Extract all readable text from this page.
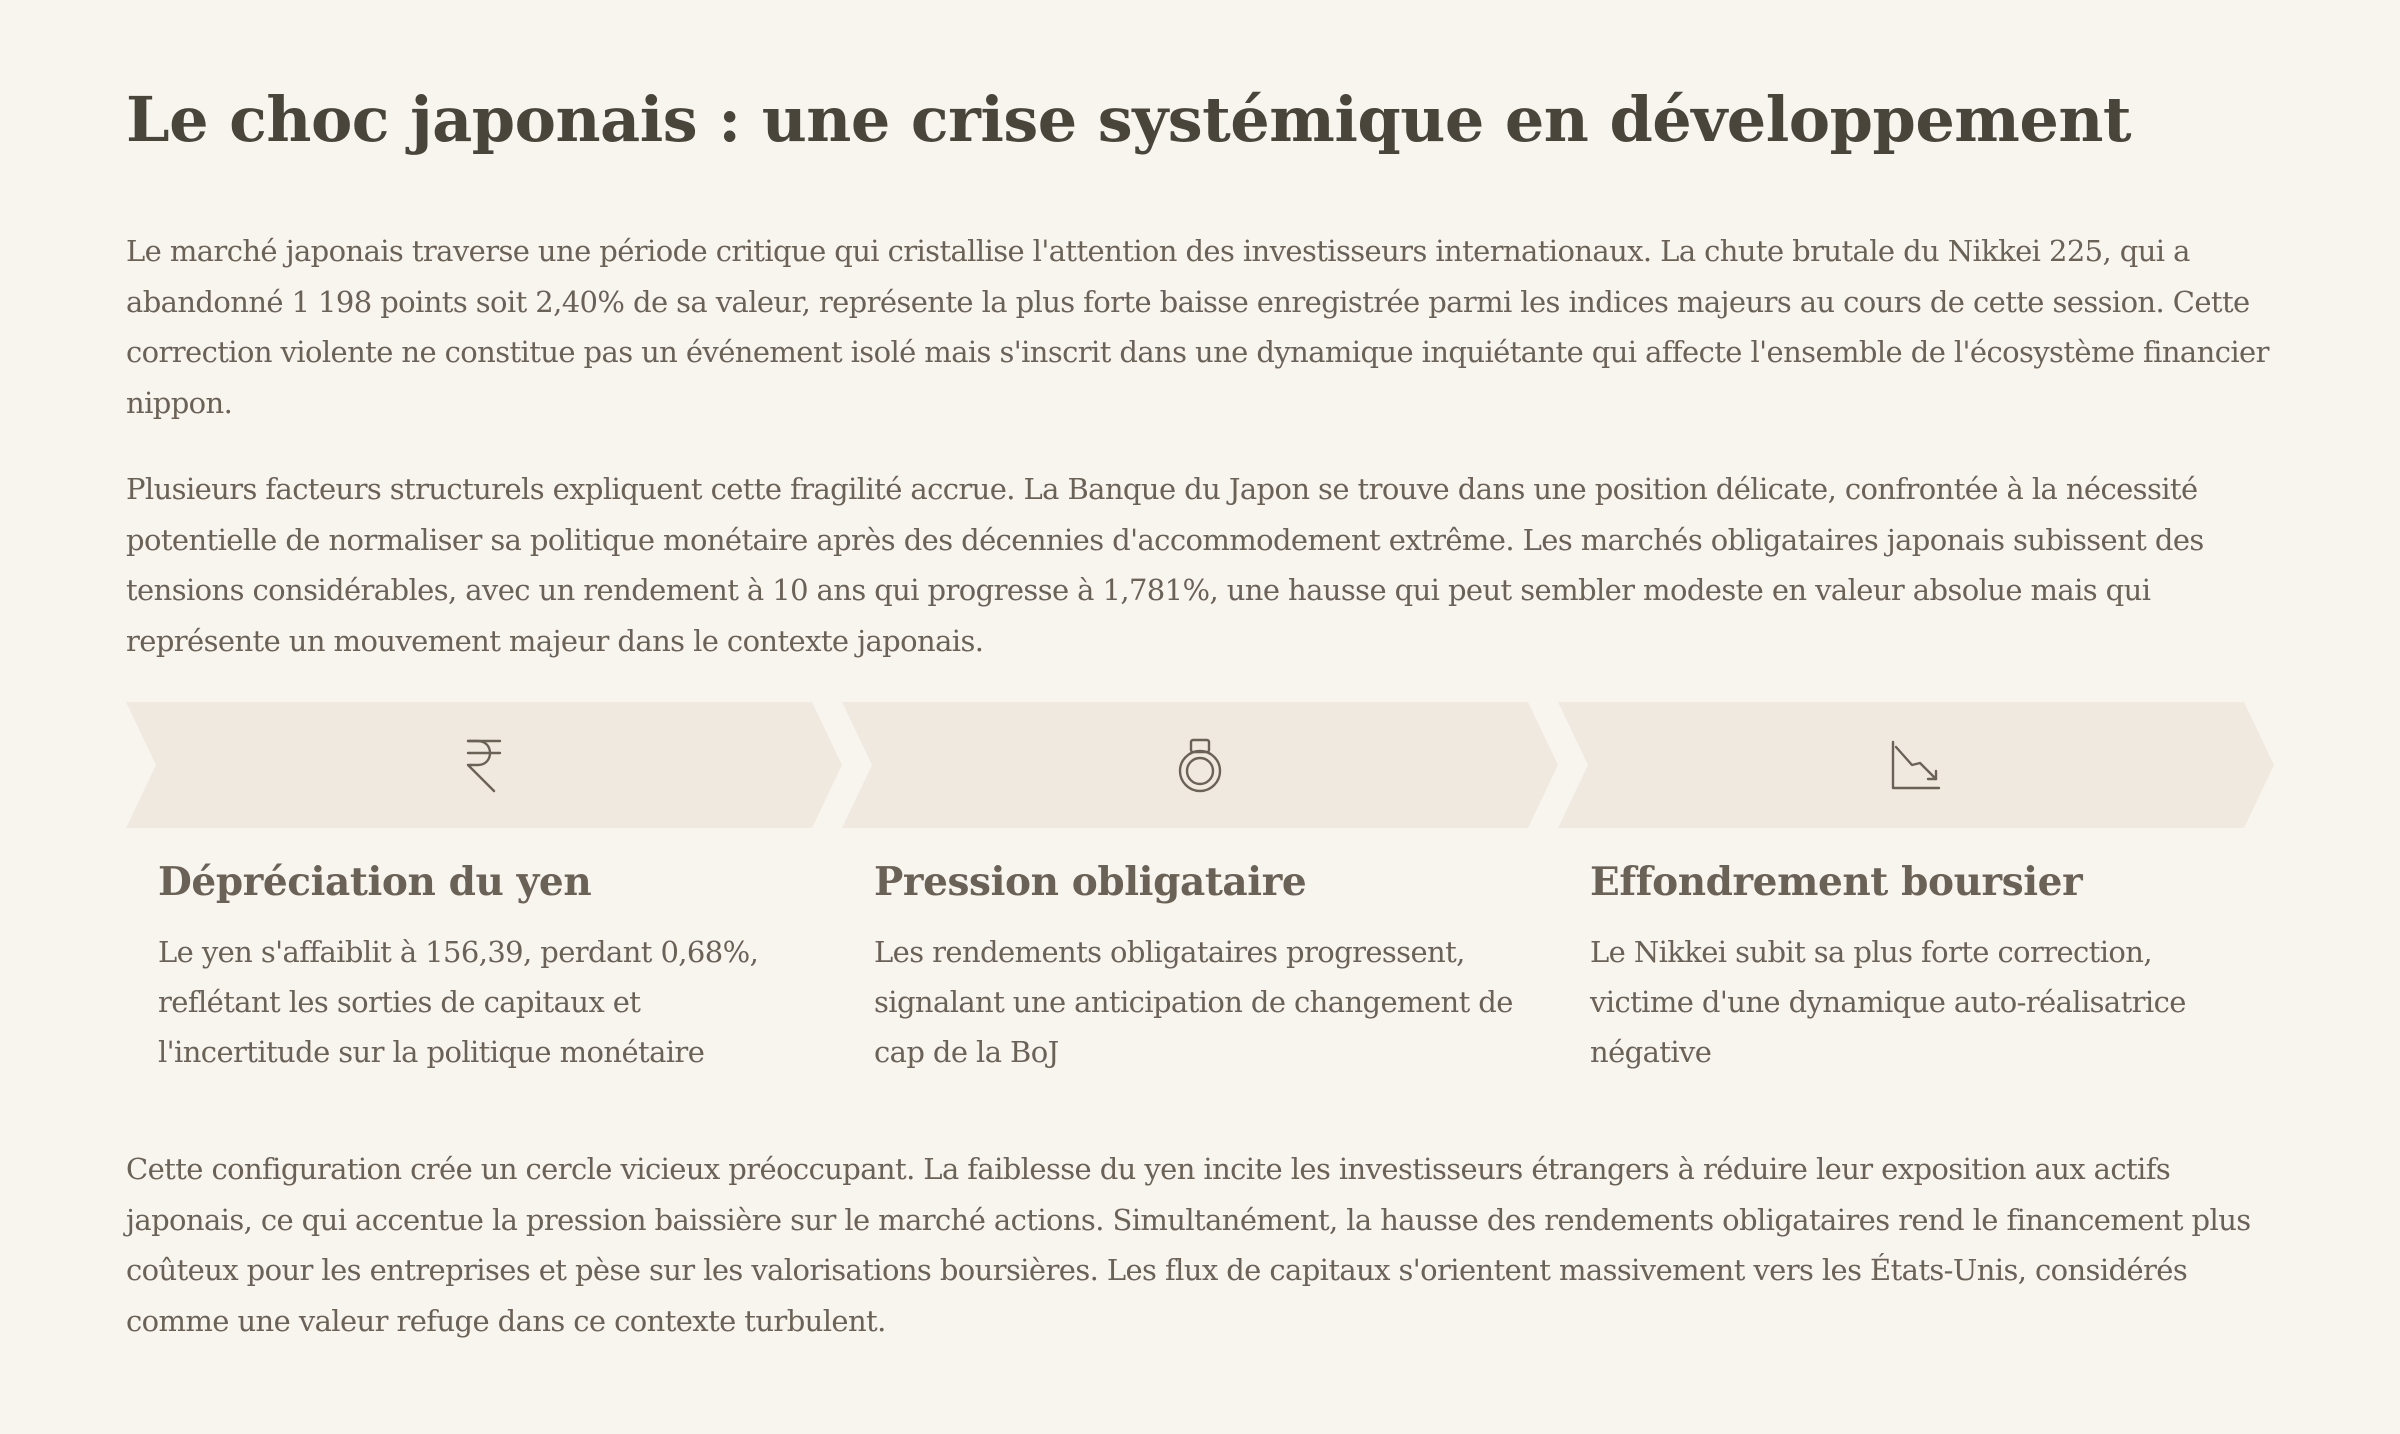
Le choc japonais : une crise systémique en développement

Le marché japonais traverse une période critique qui cristallise l'attention des investisseurs internationaux. La chute brutale du Nikkei 225, qui a abandonné 1 198 points soit 2,40% de sa valeur, représente la plus forte baisse enregistrée parmi les indices majeurs au cours de cette session. Cette correction violente ne constitue pas un événement isolé mais s'inscrit dans une dynamique inquiétante qui affecte l'ensemble de l'écosystème financier nippon.

Plusieurs facteurs structurels expliquent cette fragilité accrue. La Banque du Japon se trouve dans une position délicate, confrontée à la nécessité potentielle de normaliser sa politique monétaire après des décennies d'accommodement extrême. Les marchés obligataires japonais subissent des tensions considérables, avec un rendement à 10 ans qui progresse à 1,781%, une hausse qui peut sembler modeste en valeur absolue mais qui représente un mouvement majeur dans le contexte japonais.

Dépréciation du yen

Le yen s'affaiblit à 156,39, perdant 0,68%, reflétant les sorties de capitaux et l'incertitude sur la politique monétaire

Pression obligataire

Les rendements obligataires progressent, signalant une anticipation de changement de cap de la BoJ

Effondrement boursier

Le Nikkei subit sa plus forte correction, victime d'une dynamique auto-réalisatrice négative

Cette configuration crée un cercle vicieux préoccupant. La faiblesse du yen incite les investisseurs étrangers à réduire leur exposition aux actifs japonais, ce qui accentue la pression baissière sur le marché actions. Simultanément, la hausse des rendements obligataires rend le financement plus coûteux pour les entreprises et pèse sur les valorisations boursières. Les flux de capitaux s'orientent massivement vers les États-Unis, considérés comme une valeur refuge dans ce contexte turbulent.
